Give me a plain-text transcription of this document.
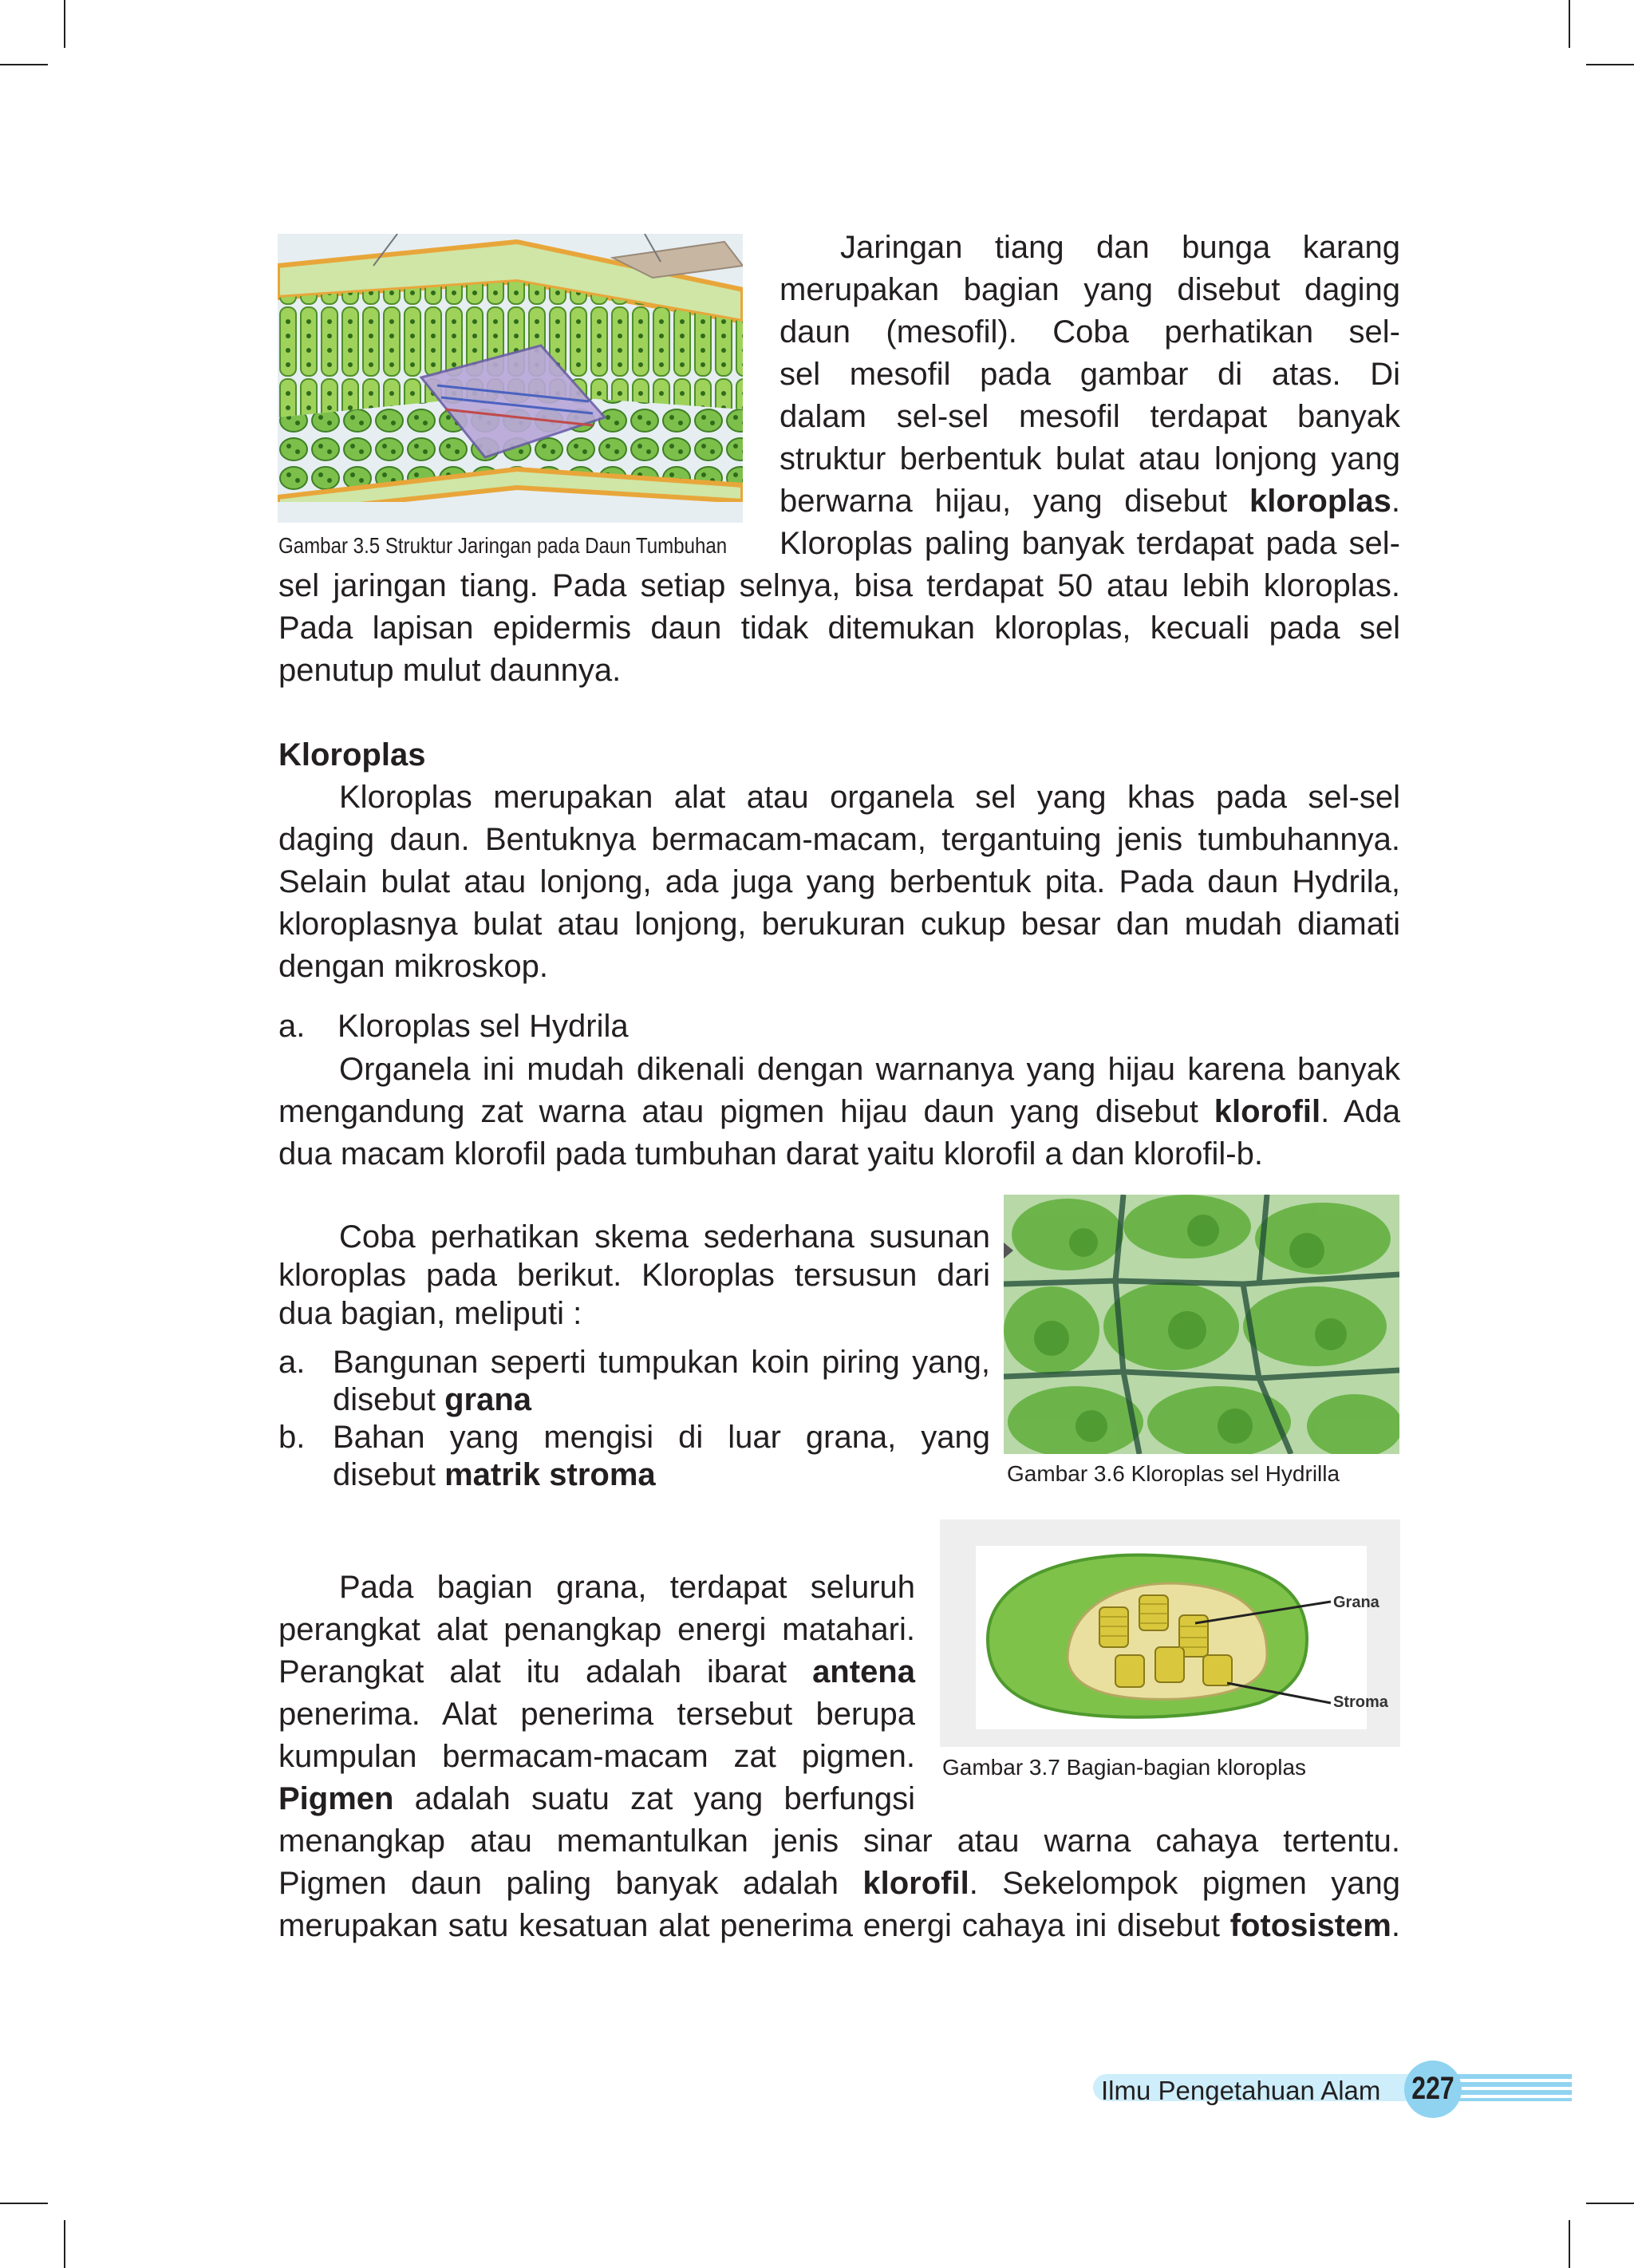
Gambar 3.5 Struktur Jaringan pada Daun Tumbuhan

Jaringan tiang dan bunga karang
merupakan bagian yang disebut daging
daun (mesofil). Coba perhatikan sel-
sel mesofil pada gambar di atas. Di
dalam sel-sel mesofil terdapat banyak
struktur berbentuk bulat atau lonjong yang
berwarna hijau, yang disebut kloroplas.
Kloroplas paling banyak terdapat pada sel-
sel jaringan tiang. Pada setiap selnya, bisa terdapat 50 atau lebih kloroplas.
Pada lapisan epidermis daun tidak ditemukan kloroplas, kecuali pada sel
penutup mulut daunnya.
Kloroplas
Kloroplas merupakan alat atau organela sel yang khas pada sel-sel
daging daun. Bentuknya bermacam-macam, tergantuing jenis tumbuhannya.
Selain bulat atau lonjong, ada juga yang berbentuk pita. Pada daun Hydrila,
kloroplasnya bulat atau lonjong, berukuran cukup besar dan mudah diamati
dengan mikroskop.
a. Kloroplas sel Hydrila
Organela ini mudah dikenali dengan warnanya yang hijau karena banyak
mengandung zat warna atau pigmen hijau daun yang disebut klorofil. Ada
dua macam klorofil pada tumbuhan darat yaitu klorofil a dan klorofil-b.

Gambar 3.6 Kloroplas sel Hydrilla

Coba perhatikan skema sederhana susunan
kloroplas pada berikut. Kloroplas tersusun dari
dua bagian, meliputi :
a. Bangunan seperti tumpukan koin piring yang,
disebut grana
b. Bahan yang mengisi di luar grana, yang
disebut matrik stroma
Grana
Stroma

Gambar 3.7 Bagian-bagian kloroplas

Pada bagian grana, terdapat seluruh
perangkat alat penangkap energi matahari.
Perangkat alat itu adalah ibarat antena
penerima. Alat penerima tersebut berupa
kumpulan bermacam-macam zat pigmen.
Pigmen adalah suatu zat yang berfungsi
menangkap atau memantulkan jenis sinar atau warna cahaya tertentu.
Pigmen daun paling banyak adalah klorofil. Sekelompok pigmen yang
merupakan satu kesatuan alat penerima energi cahaya ini disebut fotosistem.
Ilmu Pengetahuan Alam 227
